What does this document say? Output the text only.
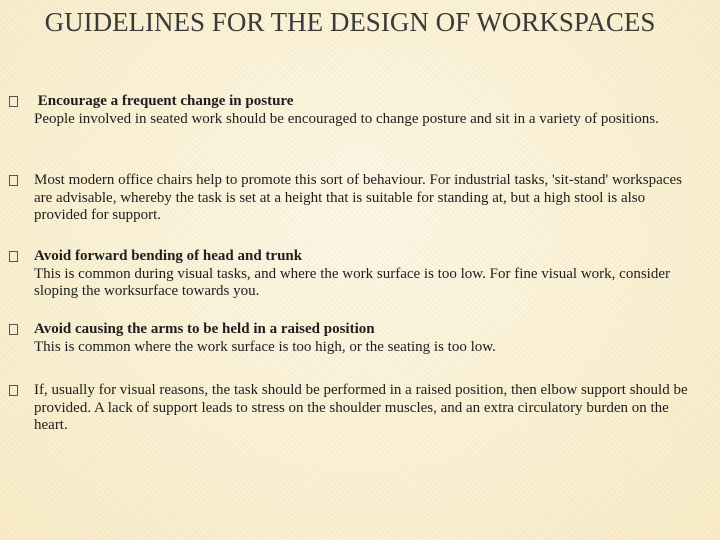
GUIDELINES FOR THE DESIGN OF WORKSPACES
Encourage a frequent change in posture
People involved in seated work should be encouraged to change posture and sit in a variety of positions.
Most modern office chairs help to promote this sort of behaviour. For industrial tasks, 'sit-stand' workspaces are advisable, whereby the task is set at a height that is suitable for standing at, but a high stool is also provided for support.
Avoid forward bending of head and trunk
This is common during visual tasks, and where the work surface is too low. For fine visual work, consider sloping the worksurface towards you.
Avoid causing the arms to be held in a raised position
This is common where the work surface is too high, or the seating is too low.
If, usually for visual reasons, the task should be performed in a raised position, then elbow support should be provided. A lack of support leads to stress on the shoulder muscles, and an extra circulatory burden on the heart.
